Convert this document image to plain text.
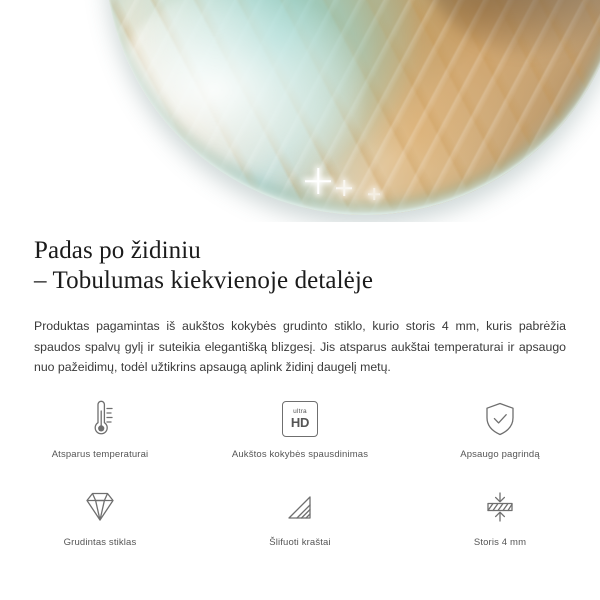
Padas po židiniu
– Tobulumas kiekvienoje detalėje

Produktas pagamintas iš aukštos kokybės grudinto stiklo, kurio storis 4 mm, kuris pabrėžia spaudos spalvų gylį ir suteikia elegantišką blizgesį. Jis atsparus aukštai temperaturai ir apsaugo nuo pažeidimų, todėl užtikrins apsaugą aplink židinį daugelį metų.

Atsparus temperaturai
ultra
HD
Aukštos kokybės spausdinimas	Apsaugo pagrindą
Grudintas stiklas	Šlifuoti kraštai	Storis 4 mm
